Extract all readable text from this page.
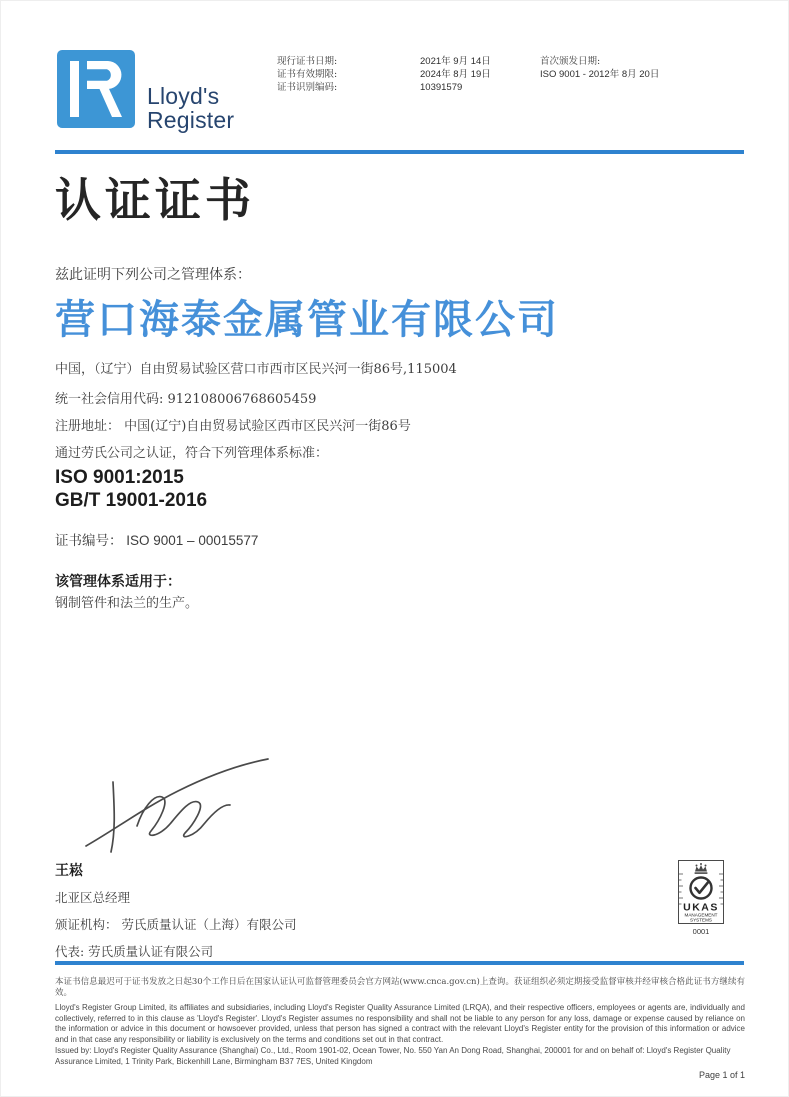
Lloyd's
Register
现行证书日期:
证书有效期限:
证书识别编码:
2021年 9月 14日
2024年 8月 19日
10391579
首次颁发日期:
ISO 9001 - 2012年 8月 20日
认证证书
兹此证明下列公司之管理体系：
营口海泰金属管业有限公司
中国，（辽宁）自由贸易试验区营口市西市区民兴河一街86号,115004
统一社会信用代码: 912108006768605459
注册地址： 中国(辽宁)自由贸易试验区西市区民兴河一街86号
通过劳氏公司之认证，符合下列管理体系标准：
ISO 9001:2015
GB/T 19001-2016
证书编号： ISO 9001 – 00015577
该管理体系适用于：
钢制管件和法兰的生产。
王崧
北亚区总经理
颁证机构： 劳氏质量认证（上海）有限公司
代表: 劳氏质量认证有限公司
UKAS
MANAGEMENT
SYSTEMS
0001
本证书信息最迟可于证书发放之日起30个工作日后在国家认证认可监督管理委员会官方网站(www.cnca.gov.cn)上查询。获证组织必须定期接受监督审核并经审核合格此证书方继续有效。
Lloyd's Register Group Limited, its affiliates and subsidiaries, including Lloyd's Register Quality Assurance Limited (LRQA), and their respective officers, employees or agents are, individually and collectively, referred to in this clause as 'Lloyd's Register'. Lloyd's Register assumes no responsibility and shall not be liable to any person for any loss, damage or expense caused by reliance on the information or advice in this document or howsoever provided, unless that person has signed a contract with the relevant Lloyd's Register entity for the provision of this information or advice and in that case any responsibility or liability is exclusively on the terms and conditions set out in that contract.
Issued by: Lloyd's Register Quality Assurance (Shanghai) Co., Ltd., Room 1901-02, Ocean Tower, No. 550 Yan An Dong Road, Shanghai, 200001 for and on behalf of: Lloyd's Register Quality Assurance Limited, 1 Trinity Park, Bickenhill Lane, Birmingham B37 7ES, United Kingdom
Page 1 of 1
